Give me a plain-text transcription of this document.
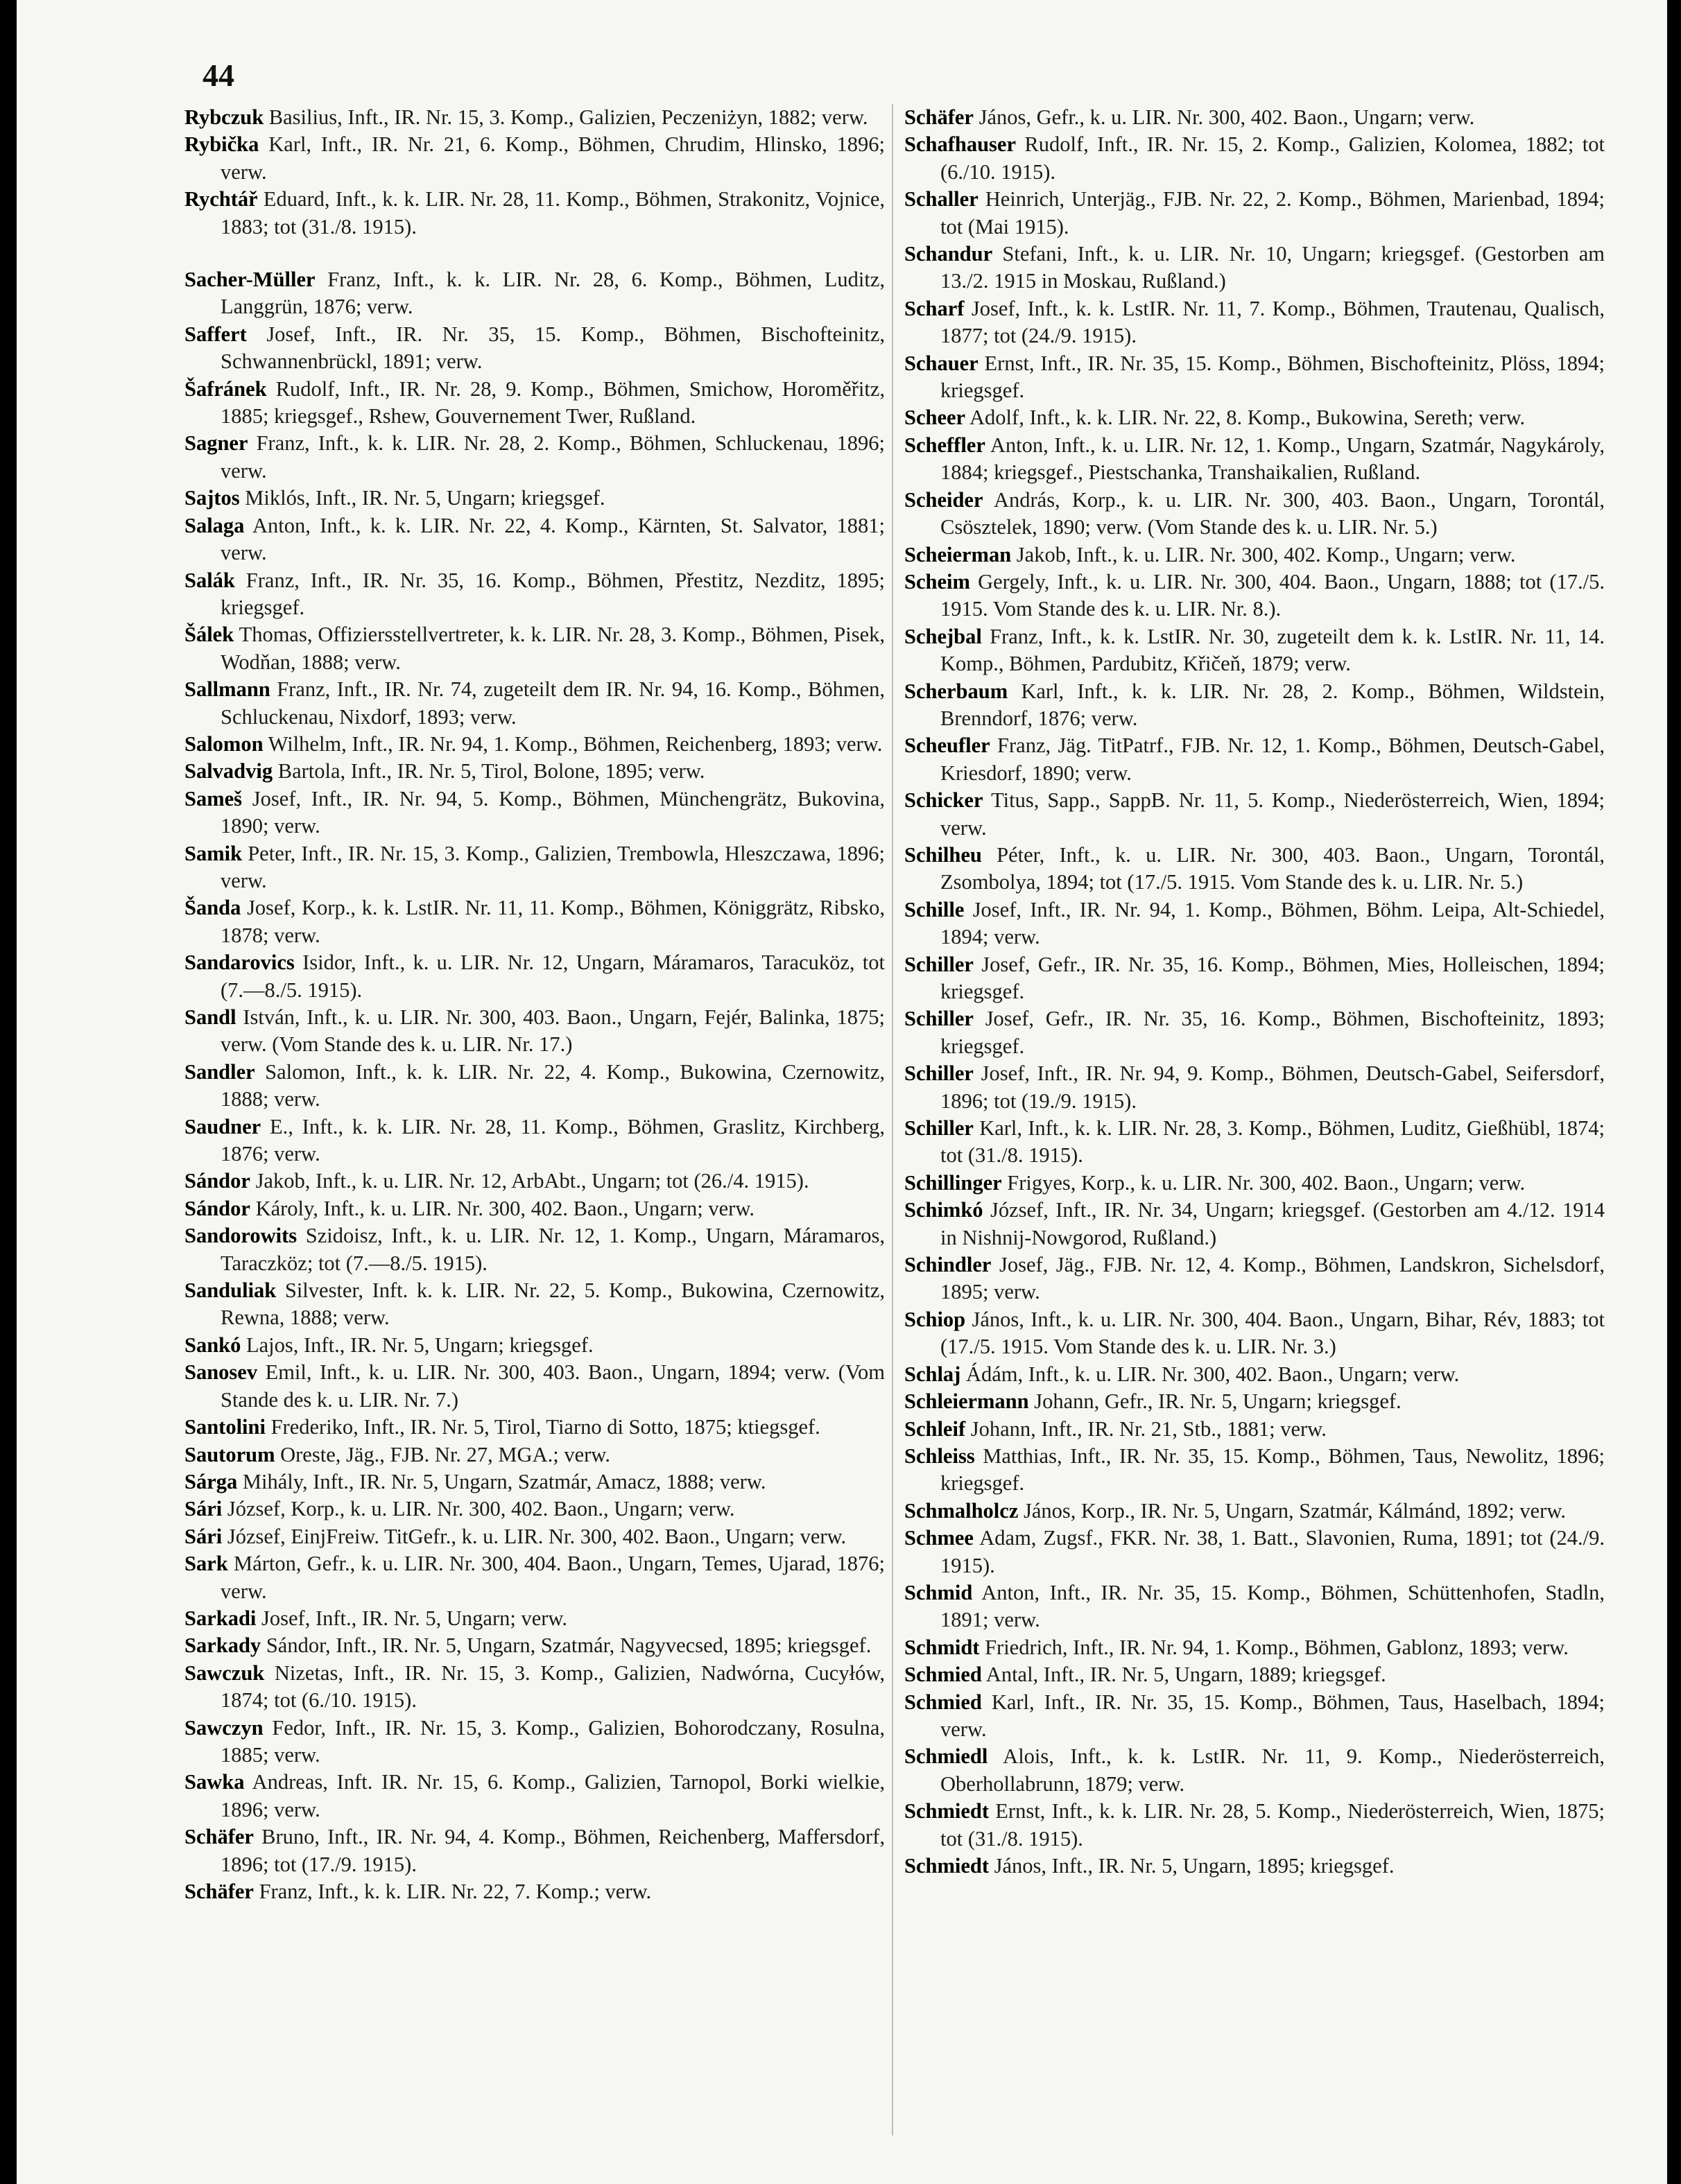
44

Rybczuk Basilius, Inft., IR. Nr. 15, 3. Komp., Galizien, Peczeniżyn, 1882; verw.

Rybička Karl, Inft., IR. Nr. 21, 6. Komp., Böhmen, Chrudim, Hlinsko, 1896; verw.

Rychtář Eduard, Inft., k. k. LIR. Nr. 28, 11. Komp., Böhmen, Strakonitz, Vojnice, 1883; tot (31./8. 1915).

Sacher-Müller Franz, Inft., k. k. LIR. Nr. 28, 6. Komp., Böhmen, Luditz, Langgrün, 1876; verw.

Saffert Josef, Inft., IR. Nr. 35, 15. Komp., Böhmen, Bischofteinitz, Schwannenbrückl, 1891; verw.

Šafránek Rudolf, Inft., IR. Nr. 28, 9. Komp., Böhmen, Smichow, Horoměřitz, 1885; kriegsgef., Rshew, Gouvernement Twer, Rußland.

Sagner Franz, Inft., k. k. LIR. Nr. 28, 2. Komp., Böhmen, Schluckenau, 1896; verw.

Sajtos Miklós, Inft., IR. Nr. 5, Ungarn; kriegsgef.

Salaga Anton, Inft., k. k. LIR. Nr. 22, 4. Komp., Kärnten, St. Salvator, 1881; verw.

Salák Franz, Inft., IR. Nr. 35, 16. Komp., Böhmen, Přestitz, Nezditz, 1895; kriegsgef.

Šálek Thomas, Offiziersstellvertreter, k. k. LIR. Nr. 28, 3. Komp., Böhmen, Pisek, Wodňan, 1888; verw.

Sallmann Franz, Inft., IR. Nr. 74, zugeteilt dem IR. Nr. 94, 16. Komp., Böhmen, Schluckenau, Nixdorf, 1893; verw.

Salomon Wilhelm, Inft., IR. Nr. 94, 1. Komp., Böhmen, Reichenberg, 1893; verw.

Salvadvig Bartola, Inft., IR. Nr. 5, Tirol, Bolone, 1895; verw.

Sameš Josef, Inft., IR. Nr. 94, 5. Komp., Böhmen, Münchengrätz, Bukovina, 1890; verw.

Samik Peter, Inft., IR. Nr. 15, 3. Komp., Galizien, Trembowla, Hleszczawa, 1896; verw.

Šanda Josef, Korp., k. k. LstIR. Nr. 11, 11. Komp., Böhmen, Königgrätz, Ribsko, 1878; verw.

Sandarovics Isidor, Inft., k. u. LIR. Nr. 12, Ungarn, Máramaros, Taracuköz, tot (7.—8./5. 1915).

Sandl István, Inft., k. u. LIR. Nr. 300, 403. Baon., Ungarn, Fejér, Balinka, 1875; verw. (Vom Stande des k. u. LIR. Nr. 17.)

Sandler Salomon, Inft., k. k. LIR. Nr. 22, 4. Komp., Bukowina, Czernowitz, 1888; verw.

Saudner E., Inft., k. k. LIR. Nr. 28, 11. Komp., Böhmen, Graslitz, Kirchberg, 1876; verw.

Sándor Jakob, Inft., k. u. LIR. Nr. 12, ArbAbt., Ungarn; tot (26./4. 1915).

Sándor Károly, Inft., k. u. LIR. Nr. 300, 402. Baon., Ungarn; verw.

Sandorowits Szidoisz, Inft., k. u. LIR. Nr. 12, 1. Komp., Ungarn, Máramaros, Taraczköz; tot (7.—8./5. 1915).

Sanduliak Silvester, Inft. k. k. LIR. Nr. 22, 5. Komp., Bukowina, Czernowitz, Rewna, 1888; verw.

Sankó Lajos, Inft., IR. Nr. 5, Ungarn; kriegsgef.

Sanosev Emil, Inft., k. u. LIR. Nr. 300, 403. Baon., Ungarn, 1894; verw. (Vom Stande des k. u. LIR. Nr. 7.)

Santolini Frederiko, Inft., IR. Nr. 5, Tirol, Tiarno di Sotto, 1875; ktiegsgef.

Sautorum Oreste, Jäg., FJB. Nr. 27, MGA.; verw.

Sárga Mihály, Inft., IR. Nr. 5, Ungarn, Szatmár, Amacz, 1888; verw.

Sári József, Korp., k. u. LIR. Nr. 300, 402. Baon., Ungarn; verw.

Sári József, EinjFreiw. TitGefr., k. u. LIR. Nr. 300, 402. Baon., Ungarn; verw.

Sark Márton, Gefr., k. u. LIR. Nr. 300, 404. Baon., Ungarn, Temes, Ujarad, 1876; verw.

Sarkadi Josef, Inft., IR. Nr. 5, Ungarn; verw.

Sarkady Sándor, Inft., IR. Nr. 5, Ungarn, Szatmár, Nagyvecsed, 1895; kriegsgef.

Sawczuk Nizetas, Inft., IR. Nr. 15, 3. Komp., Galizien, Nadwórna, Cucyłów, 1874; tot (6./10. 1915).

Sawczyn Fedor, Inft., IR. Nr. 15, 3. Komp., Galizien, Bohorodczany, Rosulna, 1885; verw.

Sawka Andreas, Inft. IR. Nr. 15, 6. Komp., Galizien, Tarnopol, Borki wielkie, 1896; verw.

Schäfer Bruno, Inft., IR. Nr. 94, 4. Komp., Böhmen, Reichenberg, Maffersdorf, 1896; tot (17./9. 1915).

Schäfer Franz, Inft., k. k. LIR. Nr. 22, 7. Komp.; verw.

Schäfer János, Gefr., k. u. LIR. Nr. 300, 402. Baon., Ungarn; verw.

Schafhauser Rudolf, Inft., IR. Nr. 15, 2. Komp., Galizien, Kolomea, 1882; tot (6./10. 1915).

Schaller Heinrich, Unterjäg., FJB. Nr. 22, 2. Komp., Böhmen, Marienbad, 1894; tot (Mai 1915).

Schandur Stefani, Inft., k. u. LIR. Nr. 10, Ungarn; kriegsgef. (Gestorben am 13./2. 1915 in Moskau, Rußland.)

Scharf Josef, Inft., k. k. LstIR. Nr. 11, 7. Komp., Böhmen, Trautenau, Qualisch, 1877; tot (24./9. 1915).

Schauer Ernst, Inft., IR. Nr. 35, 15. Komp., Böhmen, Bischofteinitz, Plöss, 1894; kriegsgef.

Scheer Adolf, Inft., k. k. LIR. Nr. 22, 8. Komp., Bukowina, Sereth; verw.

Scheffler Anton, Inft., k. u. LIR. Nr. 12, 1. Komp., Ungarn, Szatmár, Nagykároly, 1884; kriegsgef., Piestschanka, Transhaikalien, Rußland.

Scheider András, Korp., k. u. LIR. Nr. 300, 403. Baon., Ungarn, Torontál, Csösztelek, 1890; verw. (Vom Stande des k. u. LIR. Nr. 5.)

Scheierman Jakob, Inft., k. u. LIR. Nr. 300, 402. Komp., Ungarn; verw.

Scheim Gergely, Inft., k. u. LIR. Nr. 300, 404. Baon., Ungarn, 1888; tot (17./5. 1915. Vom Stande des k. u. LIR. Nr. 8.).

Schejbal Franz, Inft., k. k. LstIR. Nr. 30, zugeteilt dem k. k. LstIR. Nr. 11, 14. Komp., Böhmen, Pardubitz, Křičeň, 1879; verw.

Scherbaum Karl, Inft., k. k. LIR. Nr. 28, 2. Komp., Böhmen, Wildstein, Brenndorf, 1876; verw.

Scheufler Franz, Jäg. TitPatrf., FJB. Nr. 12, 1. Komp., Böhmen, Deutsch-Gabel, Kriesdorf, 1890; verw.

Schicker Titus, Sapp., SappB. Nr. 11, 5. Komp., Niederösterreich, Wien, 1894; verw.

Schilheu Péter, Inft., k. u. LIR. Nr. 300, 403. Baon., Ungarn, Torontál, Zsombolya, 1894; tot (17./5. 1915. Vom Stande des k. u. LIR. Nr. 5.)

Schille Josef, Inft., IR. Nr. 94, 1. Komp., Böhmen, Böhm. Leipa, Alt-Schiedel, 1894; verw.

Schiller Josef, Gefr., IR. Nr. 35, 16. Komp., Böhmen, Mies, Holleischen, 1894; kriegsgef.

Schiller Josef, Gefr., IR. Nr. 35, 16. Komp., Böhmen, Bischofteinitz, 1893; kriegsgef.

Schiller Josef, Inft., IR. Nr. 94, 9. Komp., Böhmen, Deutsch-Gabel, Seifersdorf, 1896; tot (19./9. 1915).

Schiller Karl, Inft., k. k. LIR. Nr. 28, 3. Komp., Böhmen, Luditz, Gießhübl, 1874; tot (31./8. 1915).

Schillinger Frigyes, Korp., k. u. LIR. Nr. 300, 402. Baon., Ungarn; verw.

Schimkó József, Inft., IR. Nr. 34, Ungarn; kriegsgef. (Gestorben am 4./12. 1914 in Nishnij-Nowgorod, Rußland.)

Schindler Josef, Jäg., FJB. Nr. 12, 4. Komp., Böhmen, Landskron, Sichelsdorf, 1895; verw.

Schiop János, Inft., k. u. LIR. Nr. 300, 404. Baon., Ungarn, Bihar, Rév, 1883; tot (17./5. 1915. Vom Stande des k. u. LIR. Nr. 3.)

Schlaj Ádám, Inft., k. u. LIR. Nr. 300, 402. Baon., Ungarn; verw.

Schleiermann Johann, Gefr., IR. Nr. 5, Ungarn; kriegsgef.

Schleif Johann, Inft., IR. Nr. 21, Stb., 1881; verw.

Schleiss Matthias, Inft., IR. Nr. 35, 15. Komp., Böhmen, Taus, Newolitz, 1896; kriegsgef.

Schmalholcz János, Korp., IR. Nr. 5, Ungarn, Szatmár, Kálmánd, 1892; verw.

Schmee Adam, Zugsf., FKR. Nr. 38, 1. Batt., Slavonien, Ruma, 1891; tot (24./9. 1915).

Schmid Anton, Inft., IR. Nr. 35, 15. Komp., Böhmen, Schüttenhofen, Stadln, 1891; verw.

Schmidt Friedrich, Inft., IR. Nr. 94, 1. Komp., Böhmen, Gablonz, 1893; verw.

Schmied Antal, Inft., IR. Nr. 5, Ungarn, 1889; kriegsgef.

Schmied Karl, Inft., IR. Nr. 35, 15. Komp., Böhmen, Taus, Haselbach, 1894; verw.

Schmiedl Alois, Inft., k. k. LstIR. Nr. 11, 9. Komp., Niederösterreich, Oberhollabrunn, 1879; verw.

Schmiedt Ernst, Inft., k. k. LIR. Nr. 28, 5. Komp., Niederösterreich, Wien, 1875; tot (31./8. 1915).

Schmiedt János, Inft., IR. Nr. 5, Ungarn, 1895; kriegsgef.
